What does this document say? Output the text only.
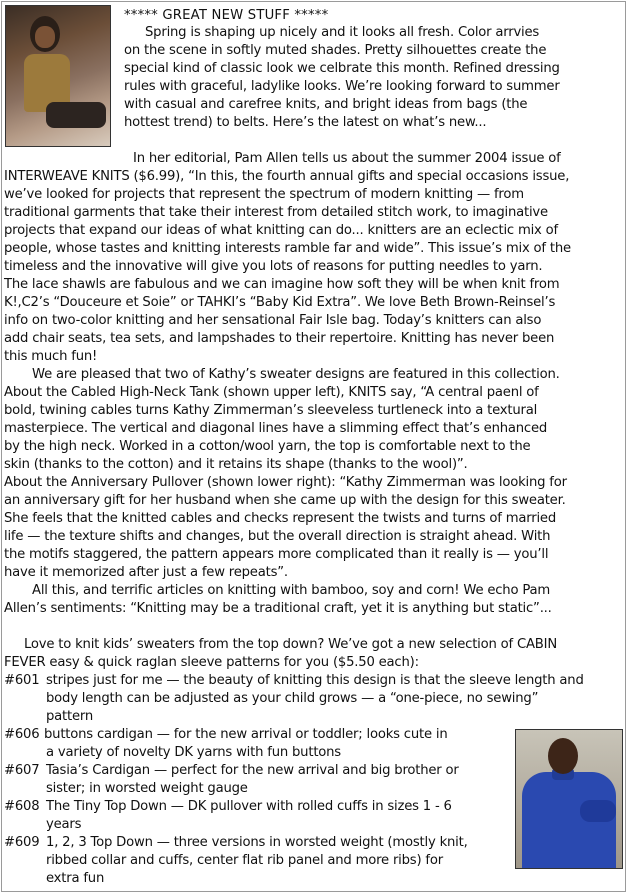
***** GREAT NEW STUFF *****

Spring is shaping up nicely and it looks all fresh. Color arrvies

on the scene in softly muted shades. Pretty silhouettes create the

special kind of classic look we celbrate this month. Refined dressing

rules with graceful, ladylike looks. We’re looking forward to summer

with casual and carefree knits, and bright ideas from bags (the

hottest trend) to belts. Here’s the latest on what’s new...

In her editorial, Pam Allen tells us about the summer 2004 issue of

INTERWEAVE KNITS ($6.99), “In this, the fourth annual gifts and special occasions issue,

we’ve looked for projects that represent the spectrum of modern knitting — from

traditional garments that take their interest from detailed stitch work, to imaginative

projects that expand our ideas of what knitting can do... knitters are an eclectic mix of

people, whose tastes and knitting interests ramble far and wide”. This issue’s mix of the

timeless and the innovative will give you lots of reasons for putting needles to yarn.

The lace shawls are fabulous and we can imagine how soft they will be when knit from

K!,C2’s “Douceure et Soie” or TAHKI’s “Baby Kid Extra”. We love Beth Brown-Reinsel’s

info on two-color knitting and her sensational Fair Isle bag. Today’s knitters can also

add chair seats, tea sets, and lampshades to their repertoire. Knitting has never been

this much fun!

We are pleased that two of Kathy’s sweater designs are featured in this collection.

About the Cabled High-Neck Tank (shown upper left), KNITS say, “A central paenl of

bold, twining cables turns Kathy Zimmerman’s sleeveless turtleneck into a textural

masterpiece. The vertical and diagonal lines have a slimming effect that’s enhanced

by the high neck. Worked in a cotton/wool yarn, the top is comfortable next to the

skin (thanks to the cotton) and it retains its shape (thanks to the wool)”.

About the Anniversary Pullover (shown lower right): “Kathy Zimmerman was looking for

an anniversary gift for her husband when she came up with the design for this sweater.

She feels that the knitted cables and checks represent the twists and turns of married

life — the texture shifts and changes, but the overall direction is straight ahead. With

the motifs staggered, the pattern appears more complicated than it really is — you’ll

have it memorized after just a few repeats”.

All this, and terrific articles on knitting with bamboo, soy and corn! We echo Pam

Allen’s sentiments: “Knitting may be a traditional craft, yet it is anything but static”...

Love to knit kids’ sweaters from the top down? We’ve got a new selection of CABIN

FEVER easy & quick raglan sleeve patterns for you ($5.50 each):

#601 stripes just for me — the beauty of knitting this design is that the sleeve length and

body length can be adjusted as your child grows — a “one-piece, no sewing”

pattern

#606 buttons cardigan — for the new arrival or toddler; looks cute in

a variety of novelty DK yarns with fun buttons

#607 Tasia’s Cardigan — perfect for the new arrival and big brother or

sister; in worsted weight gauge

#608 The Tiny Top Down — DK pullover with rolled cuffs in sizes 1 - 6

years

#609 1, 2, 3 Top Down — three versions in worsted weight (mostly knit,

ribbed collar and cuffs, center flat rib panel and more ribs) for

extra fun
